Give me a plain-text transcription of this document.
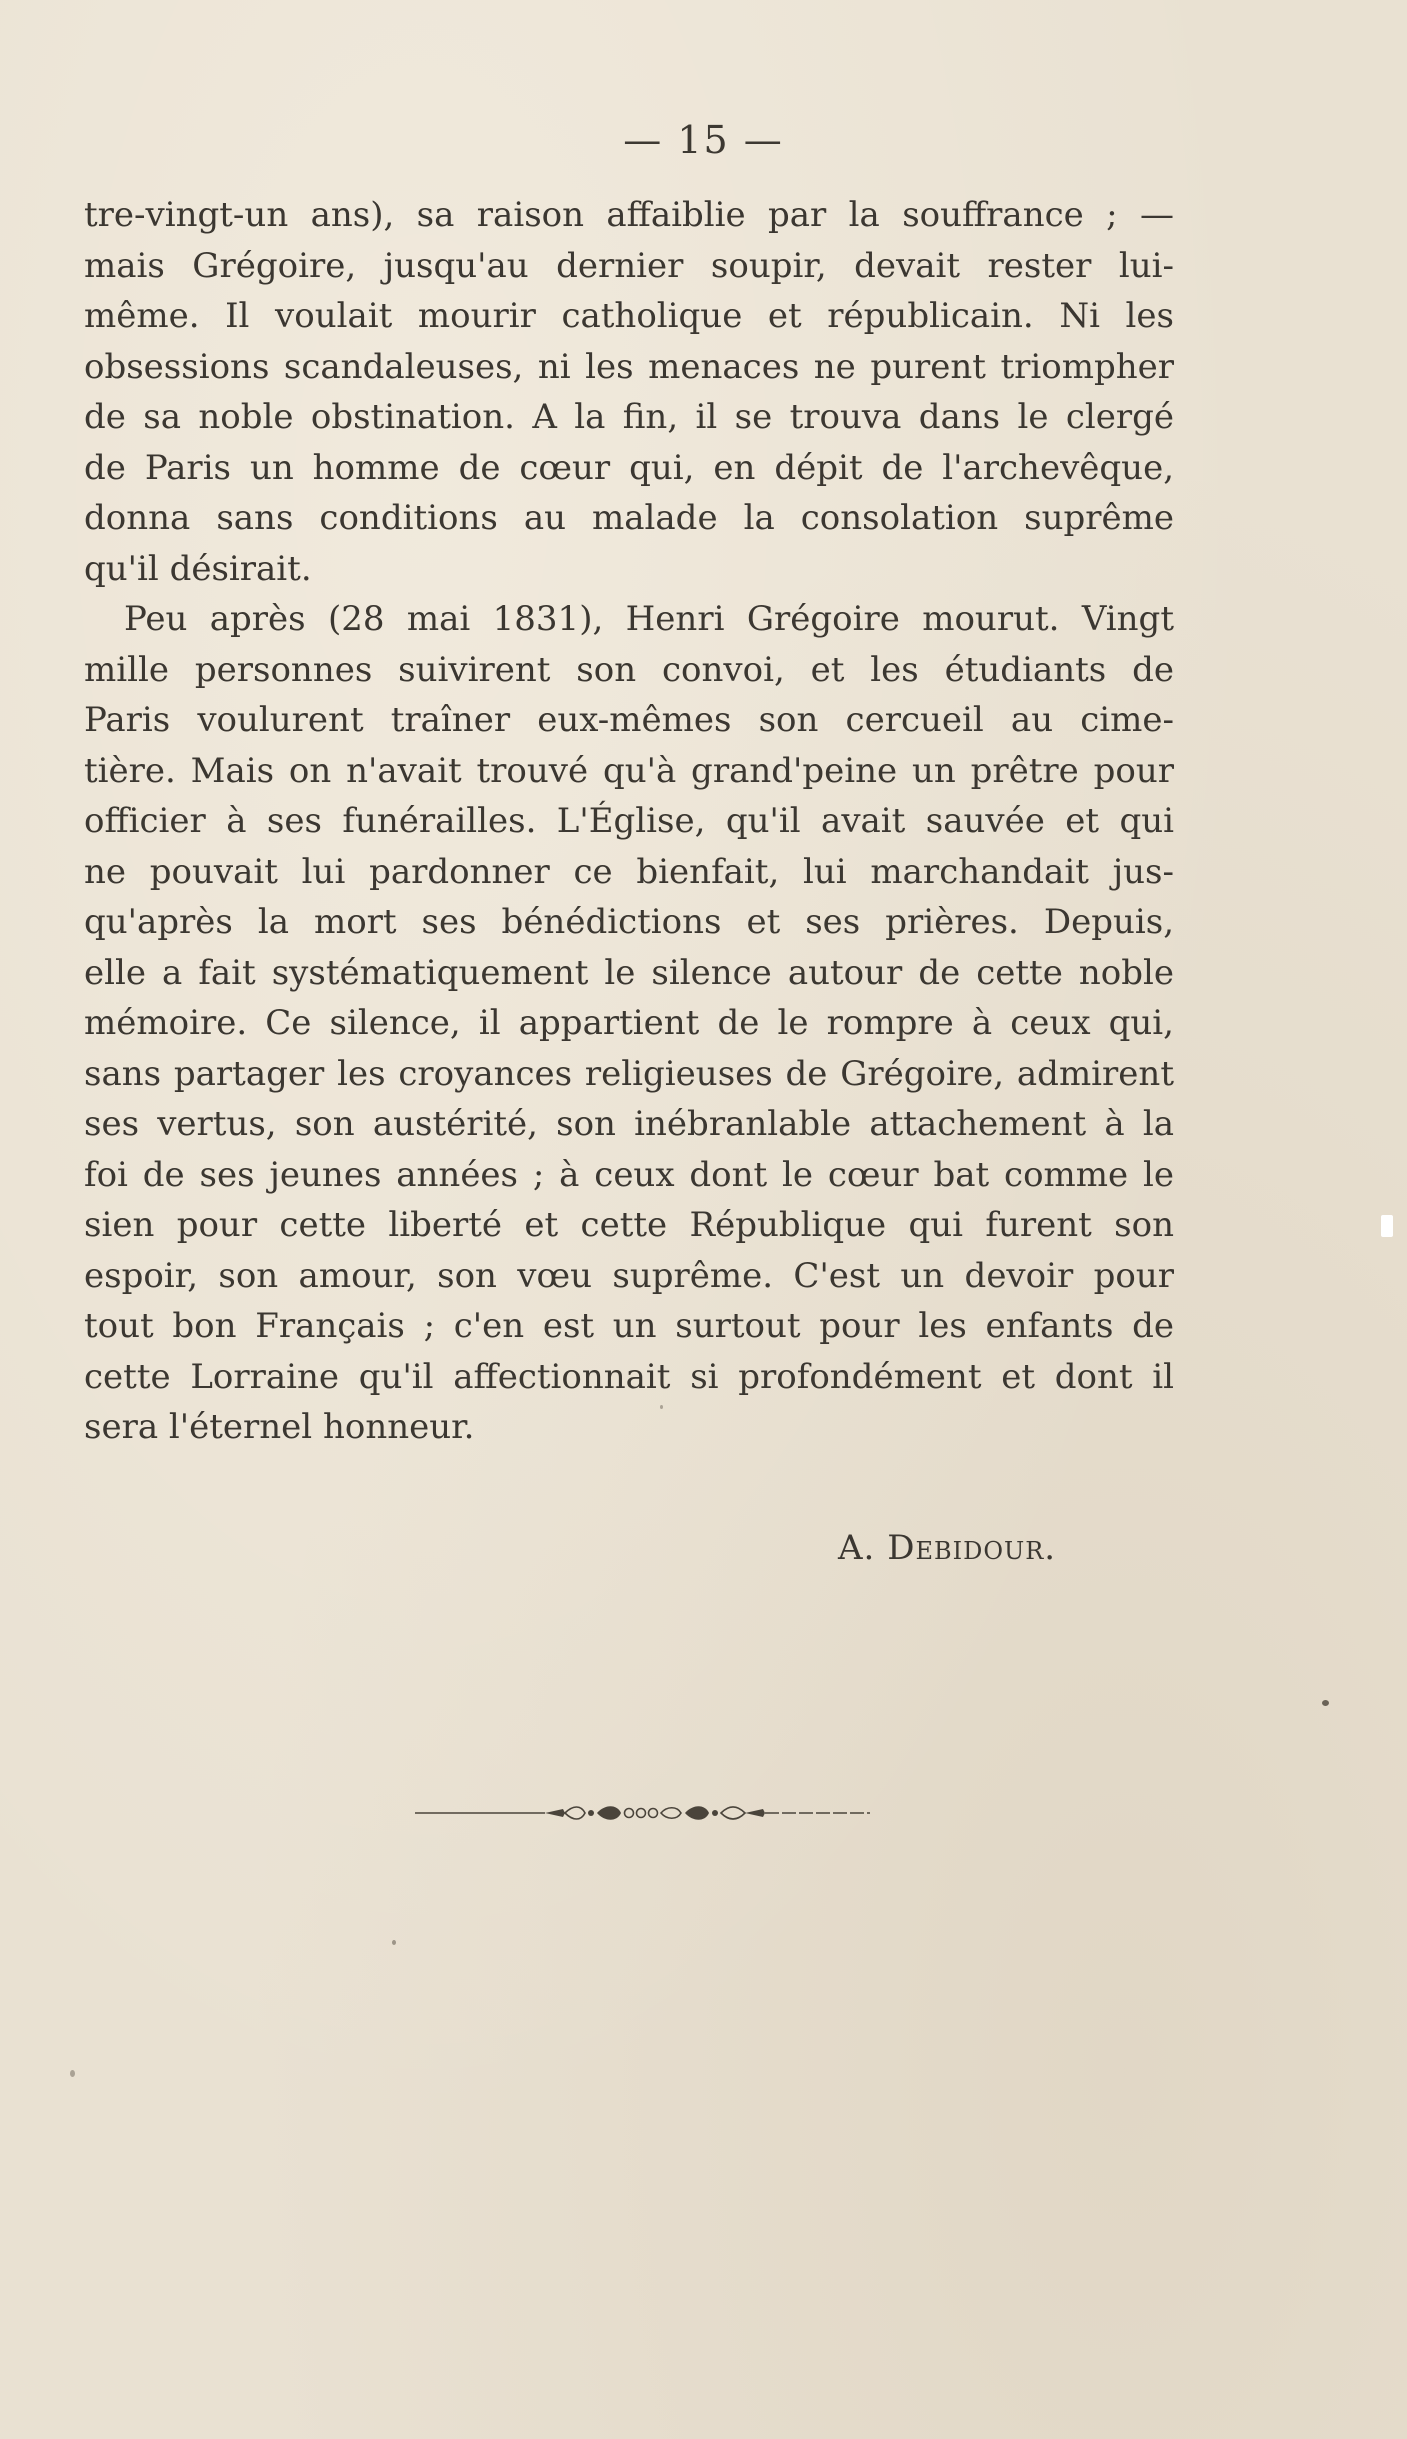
— 15 —
tre-vingt-un ans), sa raison affaiblie par la souffrance ; —
mais Grégoire, jusqu'au dernier soupir, devait rester lui-
même. Il voulait mourir catholique et républicain. Ni les
obsessions scandaleuses, ni les menaces ne purent triompher
de sa noble obstination. A la fin, il se trouva dans le clergé
de Paris un homme de cœur qui, en dépit de l'archevêque,
donna sans conditions au malade la consolation suprême
qu'il désirait.
Peu après (28 mai 1831), Henri Grégoire mourut. Vingt
mille personnes suivirent son convoi, et les étudiants de
Paris voulurent traîner eux-mêmes son cercueil au cime-
tière. Mais on n'avait trouvé qu'à grand'peine un prêtre pour
officier à ses funérailles. L'Église, qu'il avait sauvée et qui
ne pouvait lui pardonner ce bienfait, lui marchandait jus-
qu'après la mort ses bénédictions et ses prières. Depuis,
elle a fait systématiquement le silence autour de cette noble
mémoire. Ce silence, il appartient de le rompre à ceux qui,
sans partager les croyances religieuses de Grégoire, admirent
ses vertus, son austérité, son inébranlable attachement à la
foi de ses jeunes années ; à ceux dont le cœur bat comme le
sien pour cette liberté et cette République qui furent son
espoir, son amour, son vœu suprême. C'est un devoir pour
tout bon Français ; c'en est un surtout pour les enfants de
cette Lorraine qu'il affectionnait si profondément et dont il
sera l'éternel honneur.
A. Debidour.
